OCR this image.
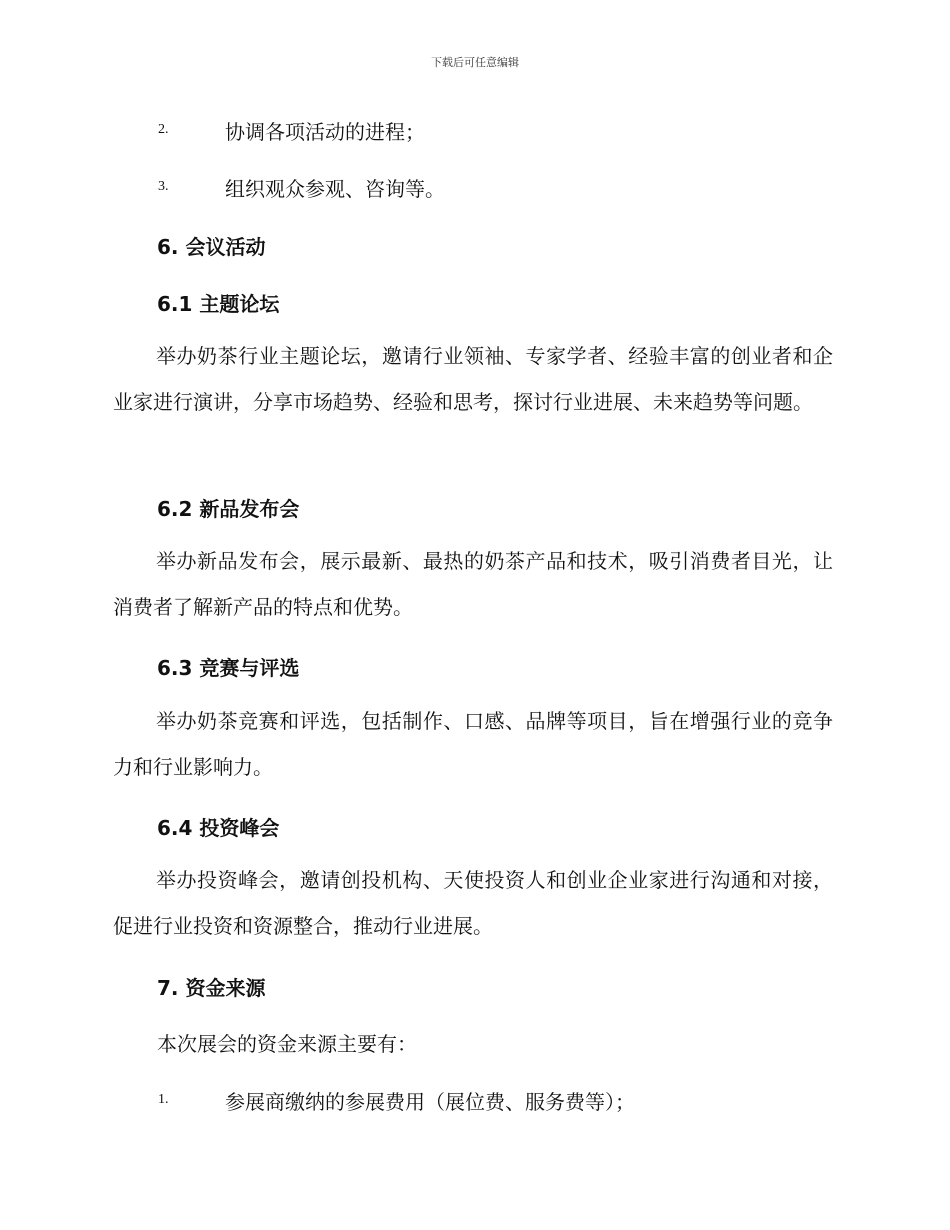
下载后可任意编辑
2.	协调各项活动的进程；
3.	组织观众参观、咨询等。
6. 会议活动
6.1 主题论坛
举办奶茶行业主题论坛，邀请行业领袖、专家学者、经验丰富的创业者和企业家进行演讲，分享市场趋势、经验和思考，探讨行业进展、未来趋势等问题。
6.2 新品发布会
举办新品发布会，展示最新、最热的奶茶产品和技术，吸引消费者目光，让消费者了解新产品的特点和优势。
6.3 竞赛与评选
举办奶茶竞赛和评选，包括制作、口感、品牌等项目，旨在增强行业的竞争力和行业影响力。
6.4 投资峰会
举办投资峰会，邀请创投机构、天使投资人和创业企业家进行沟通和对接，促进行业投资和资源整合，推动行业进展。
7. 资金来源
本次展会的资金来源主要有：
1.	参展商缴纳的参展费用（展位费、服务费等）；
